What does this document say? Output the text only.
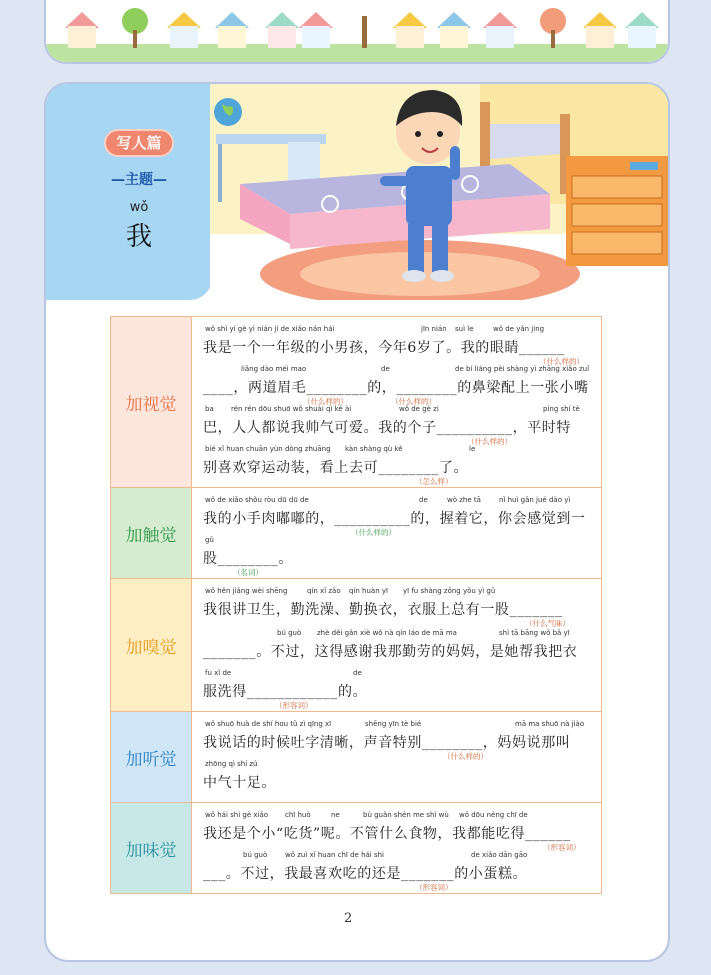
写人篇
—主题—
wǒ
我
加视觉
wǒ shì yí gè yì nián jí de xiǎo nán hái	jīn nián suì le	wǒ de yǎn jing
我是一个一年级的小男孩，今年6岁了。我的眼睛______
（什么样的）
liǎng dào méi mao	de	de bí liáng pèi shàng yì zhāng xiǎo zuǐ
____，两道眉毛________的，________的鼻梁配上一张小嘴
（什么样的）	（什么样的）
ba rén rén dōu shuō wǒ shuài qì kě ài	wǒ de gè zi	píng shí tè
巴，人人都说我帅气可爱。我的个子__________，平时特
（什么样的）
bié xǐ huan chuān yùn dòng zhuāng kàn shàng qù kě	le
别喜欢穿运动装，看上去可________了。
（怎么样）
加触觉
wǒ de xiǎo shǒu ròu dū dū de	de	wò zhe tā	nǐ huì gǎn jué dào yì
我的小手肉嘟嘟的，__________的，握着它，你会感觉到一
（什么样的）
gǔ
股________。
（名词）
加嗅觉
wǒ hěn jiǎng wèi shēng	qín xǐ zǎo qín huàn yī yī fu shàng zǒng yǒu yì gǔ
我很讲卫生，勤洗澡、勤换衣，衣服上总有一股_______
（什么气味）
bú guò zhè děi gǎn xiè wǒ nà qín láo de mā ma	shì tā bāng wǒ bǎ yī
_______。不过，这得感谢我那勤劳的妈妈，是她帮我把衣
fu xǐ de	de
服洗得____________的。
（形容词）
加听觉
wǒ shuō huà de shí hou tǔ zì qīng xī	shēng yīn tè bié	mā ma shuō nà jiào
我说话的时候吐字清晰，声音特别________，妈妈说那叫
（什么样的）
zhōng qì shí zú
中气十足。
加味觉
wǒ hái shi gè xiǎo chī huò	ne	bù guǎn shén me shí wù wǒ dōu néng chī de
我还是个小“吃货”呢。不管什么食物，我都能吃得______
（形容词）
bú guò	wǒ zuì xǐ huan chī de hái shi	de xiǎo dān gāo
___。不过，我最喜欢吃的还是_______的小蛋糕。
（形容词）
2
